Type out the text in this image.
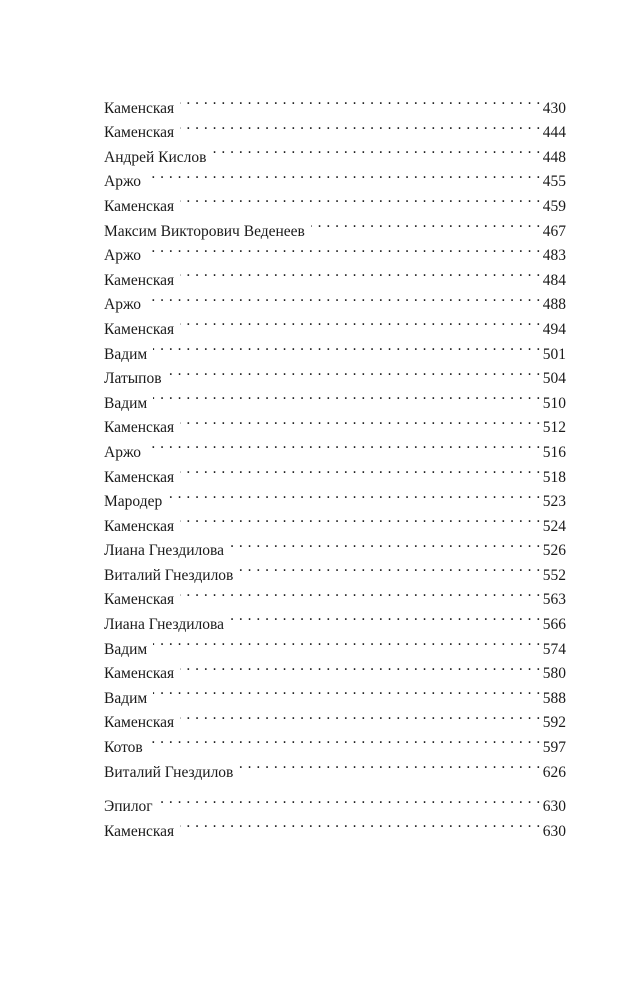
Каменская . . .	430
Каменская . . .	444
Андрей Кислов . . .	448
Аржо . . .	455
Каменская . . .	459
Максим Викторович Веденеев . . .	467
Аржо . . .	483
Каменская . . .	484
Аржо . . .	488
Каменская . . .	494
Вадим . . .	501
Латыпов . . .	504
Вадим . . .	510
Каменская . . .	512
Аржо . . .	516
Каменская . . .	518
Мародер . . .	523
Каменская . . .	524
Лиана Гнездилова . . .	526
Виталий Гнездилов . . .	552
Каменская . . .	563
Лиана Гнездилова . . .	566
Вадим . . .	574
Каменская . . .	580
Вадим . . .	588
Каменская . . .	592
Котов . . .	597
Виталий Гнездилов . . .	626
Эпилог . . .	630
Каменская . . .	630
